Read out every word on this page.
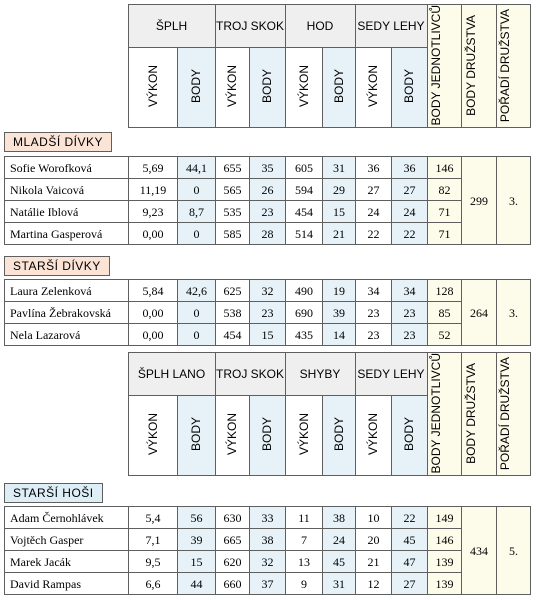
	ŠPLH		TROJ SKOK		HOD		SEDY LEHY		BODY JEDNOTLIVCŮ	BODY DRUŽSTVA	POŘADÍ DRUŽSTVA
	VÝKON	BODY	VÝKON	BODY	VÝKON	BODY	VÝKON	BODY			
MLADŠÍ DÍVKY
Sofie Worofková	5,69	44,1	655	35	605	31	36	36	146	299	3.
Nikola Vaicová	11,19	0	565	26	594	29	27	27	82		
Natálie Iblová	9,23	8,7	535	23	454	15	24	24	71		
Martina Gasperová	0,00	0	585	28	514	21	22	22	71		
STARŠÍ DÍVKY
Laura Zelenková	5,84	42,6	625	32	490	19	34	34	128	264	3.
Pavlína Žebrakovská	0,00	0	538	23	690	39	23	23	85		
Nela Lazarová	0,00	0	454	15	435	14	23	23	52		
	ŠPLH LANO		TROJ SKOK		SHYBY		SEDY LEHY		BODY JEDNOTLIVCŮ	BODY DRUŽSTVA	POŘADÍ DRUŽSTVA
	VÝKON	BODY	VÝKON	BODY	VÝKON	BODY	VÝKON	BODY			
STARŠÍ HOŠI
Adam Černohlávek	5,4	56	630	33	11	38	10	22	149	434	5.
Vojtěch Gasper	7,1	39	665	38	7	24	20	45	146		
Marek Jacák	9,5	15	620	32	13	45	21	47	139		
David Rampas	6,6	44	660	37	9	31	12	27	139		
